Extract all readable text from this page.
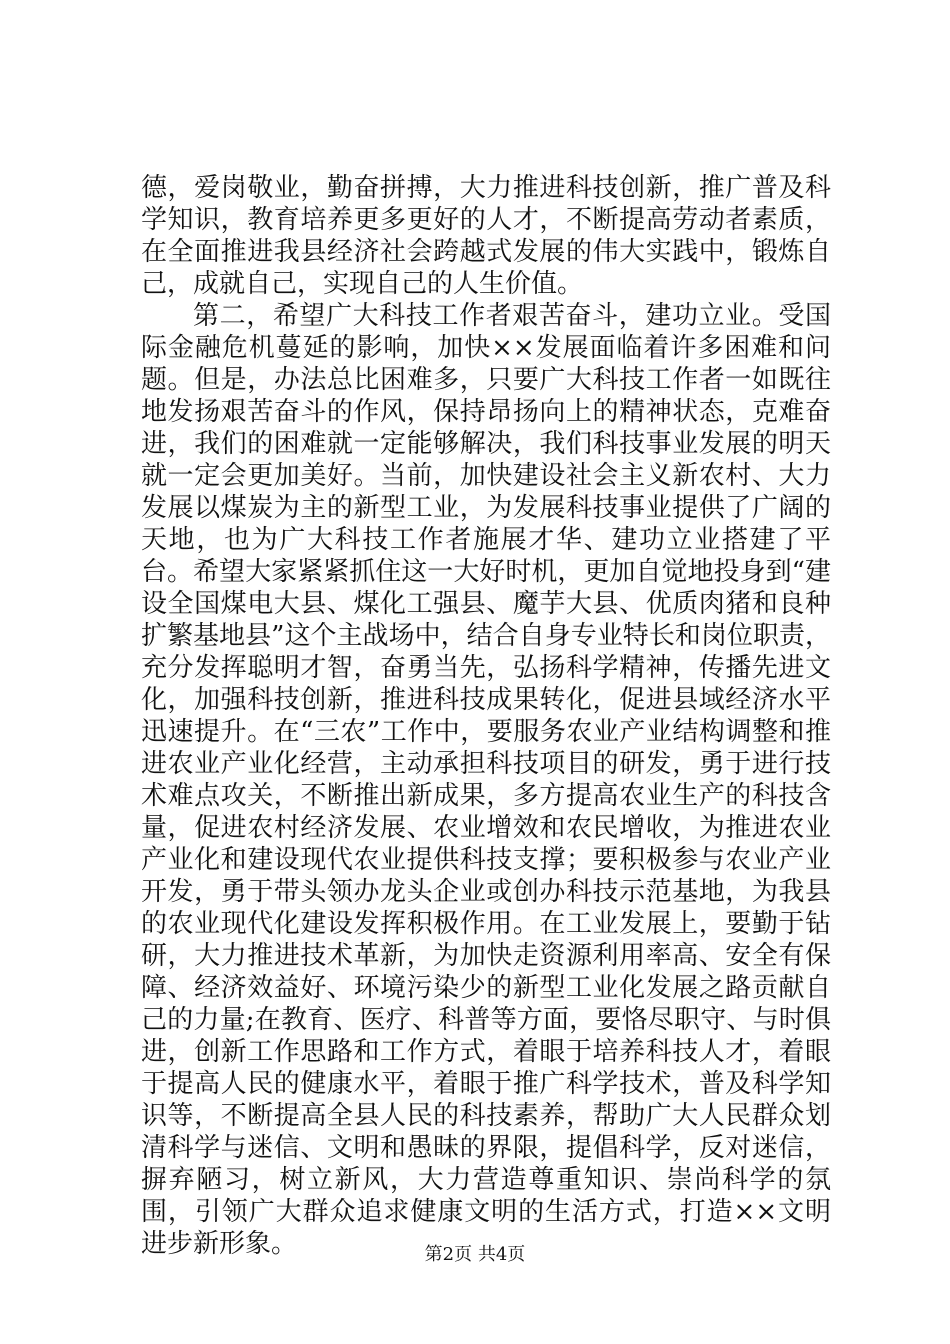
德，爱岗敬业，勤奋拼搏，大力推进科技创新，推广普及科学知识，教育培养更多更好的人才，不断提高劳动者素质，在全面推进我县经济社会跨越式发展的伟大实践中，锻炼自己，成就自己，实现自己的人生价值。

第二，希望广大科技工作者艰苦奋斗，建功立业。受国际金融危机蔓延的影响，加快××发展面临着许多困难和问题。但是，办法总比困难多，只要广大科技工作者一如既往地发扬艰苦奋斗的作风，保持昂扬向上的精神状态，克难奋进，我们的困难就一定能够解决，我们科技事业发展的明天就一定会更加美好。当前，加快建设社会主义新农村、大力发展以煤炭为主的新型工业，为发展科技事业提供了广阔的天地，也为广大科技工作者施展才华、建功立业搭建了平台。希望大家紧紧抓住这一大好时机，更加自觉地投身到“建设全国煤电大县、煤化工强县、魔芋大县、优质肉猪和良种扩繁基地县”这个主战场中，结合自身专业特长和岗位职责，充分发挥聪明才智，奋勇当先，弘扬科学精神，传播先进文化，加强科技创新，推进科技成果转化，促进县域经济水平迅速提升。在“三农”工作中，要服务农业产业结构调整和推进农业产业化经营，主动承担科技项目的研发，勇于进行技术难点攻关，不断推出新成果，多方提高农业生产的科技含量，促进农村经济发展、农业增效和农民增收，为推进农业产业化和建设现代农业提供科技支撑；要积极参与农业产业开发，勇于带头领办龙头企业或创办科技示范基地，为我县的农业现代化建设发挥积极作用。在工业发展上，要勤于钻研，大力推进技术革新，为加快走资源利用率高、安全有保障、经济效益好、环境污染少的新型工业化发展之路贡献自己的力量;在教育、医疗、科普等方面，要恪尽职守、与时俱进，创新工作思路和工作方式，着眼于培养科技人才，着眼于提高人民的健康水平，着眼于推广科学技术，普及科学知识等，不断提高全县人民的科技素养，帮助广大人民群众划清科学与迷信、文明和愚昧的界限，提倡科学，反对迷信，摒弃陋习，树立新风，大力营造尊重知识、崇尚科学的氛围，引领广大群众追求健康文明的生活方式，打造××文明进步新形象。	第2页 共4页
